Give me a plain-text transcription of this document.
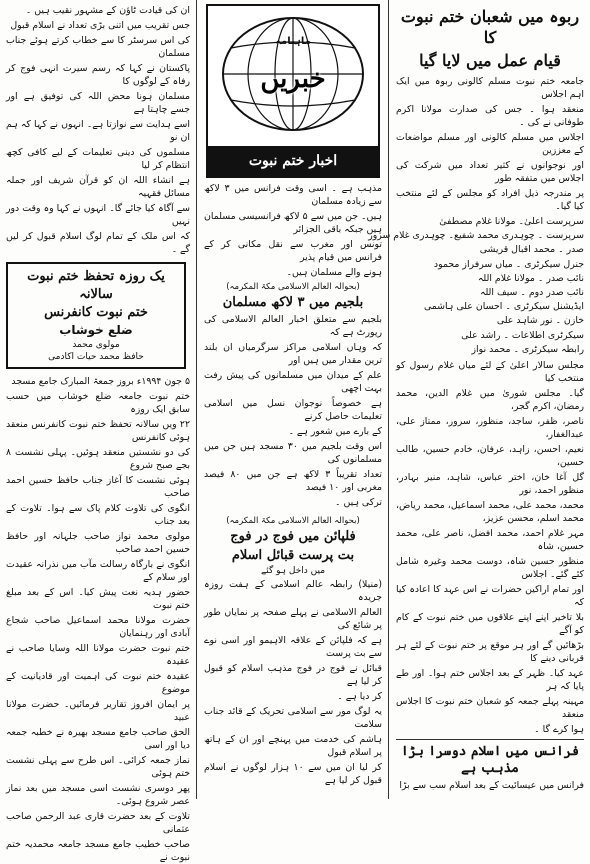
ربوہ میں شعبان ختم نبوت کا
قیام عمل میں لایا گیا
جامعہ ختم نبوت مسلم کالونی ربوہ میں ایک اہم اجلاس
منعقد ہوا ۔ جس کی صدارت مولانا اکرم طوفانی نے کی ۔
اجلاس میں مسلم کالونی اور مسلم مواضعات کے معززین
اور نوجوانوں نے کثیر تعداد میں شرکت کی اجلاس میں متفقہ طور
پر مندرجہ ذیل افراد کو مجلس کے لئے منتخب کیا گیا۔
سرپرست اعلیٰ۔ مولانا غلام مصطفیٰ
سرپرست ۔ چوہدری محمد شفیع۔ چوہدری غلام سرور
صدر ۔ محمد اقبال قریشی
جنرل سیکرٹری ۔ میاں سرفراز محمود
نائب صدر ۔ مولانا غلام اللہ
نائب صدر دوم ۔ سیف اللہ
ایڈیشنل سیکرٹری ۔ احسان علی ہاشمی
خازن ۔ نور شاہد علی
سیکرٹری اطلاعات ۔ راشد علی
رابطہ سیکرٹری ۔ محمد نواز
مجلس سالار اعلیٰ کے لئے میاں غلام رسول کو منتخب کیا
گیا۔ مجلس شوریٰ میں غلام الدین، محمد رمضان، اکرم گجر،
ناصر، ظفر، ساجد، منظور، سرور، ممتاز علی، عبدالغفار،
نعیم، احسن، زاہد، عرفان، خادم حسین، طالب حسین،
گل آغا خان، اختر عباس، شاہد، منیر بہادر، منظور احمد، نور
محمد، محمد علی، محمد اسماعیل، محمد ریاض، محمد اسلم، محسن عزیز،
مہر غلام احمد، محمد افضل، ناصر علی، محمد حسین، شاہ
منظور حسین شاہ، دوست محمد وغیرہ شامل کئے گئے۔ اجلاس
اور تمام اراکین حضرات نے اس عہد کا اعادہ کیا کہ
بلا تاخیر اپنے اپنے علاقوں میں ختم نبوت کے کام کو آگے
بڑھائیں گے اور ہر موقع پر ختم نبوت کے لئے ہر قربانی دینے کا
عہد کیا۔ ظہر کے بعد اجلاس ختم ہوا۔ اور طے پایا کہ ہر
مہینہ پہلے جمعہ کو شعبان ختم نبوت کا اجلاس منعقد
ہوا کرے گا ۔
فرانس میں اسلام دوسرا بڑا مذہب ہے
فرانس میں عیسائیت کے بعد اسلام سب سے بڑا
ماہنامہ
خبریں
اخبار ختم نبوت
مذہب ہے ۔ اسی وقت فرانس میں ۳ لاکھ سے زیادہ مسلمان
ہیں۔ جن میں سے ۵ لاکھ فرانسیسی مسلمان ہیں جبکہ باقی الجزائر
تونس اور مغرب سے نقل مکانی کر کے فرانس میں قیام پذیر
ہونے والے مسلمان ہیں۔
(بحوالہ العالم الاسلامی مکۃ المکرمہ)
بلجیم میں ۳ لاکھ مسلمان
بلجیم سے متعلق اخبار العالم الاسلامی کی رپورٹ ہے کہ
کہ وہاں اسلامی مراکز سرگرمیاں ان بلند ترین مقدار میں ہیں اور
علم کے میدان میں مسلمانوں کی پیش رفت بہت اچھی
ہے خصوصاً نوجوان نسل میں اسلامی تعلیمات حاصل کرنے
کے بارے میں شعور ہے ۔
اس وقت بلجیم میں ۳۰ مسجد ہیں جن میں مسلمانوں کی
تعداد تقریباً ۳ لاکھ ہے جن میں ۸۰ فیصد مغربی اور ۱۰ فیصد
ترکی ہیں ۔
(بحوالہ العالم الاسلامی مکۃ المکرمہ)
فلپائن میں فوج در فوج
بت پرست قبائل اسلام
میں داخل ہو گئے
(منیلا) رابطہ عالم اسلامی کے ہفت روزہ جریدہ
العالم الاسلامی نے پہلے صفحہ پر نمایاں طور پر شائع کی
ہے کہ فلپائن کے علاقہ الاہیمو اور اسی نوے سے بت پرست
قبائل نے فوج در فوج مذہب اسلام کو قبول کر لیا ہے
کر دیا ہے ۔
یہ لوگ مور سے اسلامی تحریک کے قائد جناب سلامت
ہاشم کی خدمت میں پہنچے اور ان کے ہاتھ پر اسلام قبول
کر لیا ان میں سے ۱۰ ہزار لوگوں نے اسلام قبول کر لیا ہے
ان کی قیادت ٹاؤن کے مشہور نقیب ہیں ۔
جس تقریب میں اتنی بڑی تعداد نے اسلام قبول
کی اس سرسٹر کا سے خطاب کرتے ہوئے جناب مسلمان
پاکستان نے کہا کہ رسم سیرت انہی فوج کر رفاہ کے لوگوں کا
مسلمان ہونا محض اللہ کی توفیق ہے اور جسے چاہتا ہے
اسے ہدایت سے نوازتا ہے۔ انہوں نے کہا کہ ہم ان نو
مسلموں کی دینی تعلیمات کے لیے کافی کچھ انتظام کر لیا
ہے انشاء اللہ ان کو قرآن شریف اور جملہ مسائل فقہیہ
سے آگاہ کیا جائے گا۔ انہوں نے کہا وہ وقت دور نہیں
کہ اس ملک کے تمام لوگ اسلام قبول کر لیں گے ۔
یک روزہ تحفظ ختم نبوت سالانہ
ختم نبوت کانفرنس
ضلع خوشاب
مولوی محمد
حافظ محمد حیات اکادمی
۵ جون ۱۹۹۴ء بروز جمعۃ المبارک جامع مسجد
ختم نبوت جامعہ ضلع خوشاب میں حسب سابق ایک روزہ
۲۲ ویں سالانہ تحفظ ختم نبوت کانفرنس منعقد ہوئی کانفرنس
کی دو نشستیں منعقد ہوئیں۔ پہلی نشست ۸ بجے صبح شروع
ہوئی نشست کا آغاز جناب حافظ حسین احمد صاحب
انگوی کی تلاوت کلام پاک سے ہوا۔ تلاوت کے بعد جناب
مولوی محمد نواز صاحب جلہانہ اور حافظ حسین احمد صاحب
انگوی نے بارگاہ رسالت مآب میں نذرانہ عقیدت اور سلام کے
حضور ہدیہ نعت پیش کیا۔ اس کے بعد مبلغ ختم نبوت
حضرت مولانا محمد اسماعیل صاحب شجاع آبادی اور رہنمایان
ختم نبوت حضرت مولانا اللہ وسایا صاحب نے عقیدہ
عقیدہ ختم نبوت کی اہمیت اور قادیانیت کے موضوع
پر ایمان افروز تقاریر فرمائیں۔ حضرت مولانا عبید
الحق صاحب جامع مسجد بھیرہ نے خطبہ جمعہ دیا اور اسی
نماز جمعہ کرائی۔ اس طرح سے پہلی نشست ختم ہوئی
پھر دوسری نشست اسی مسجد میں بعد نماز عصر شروع ہوئی۔
تلاوت کے بعد حضرت قاری عبد الرحمن صاحب عثمانی
صاحب خطیب جامع مسجد جامعہ محمدیہ ختم نبوت نے
